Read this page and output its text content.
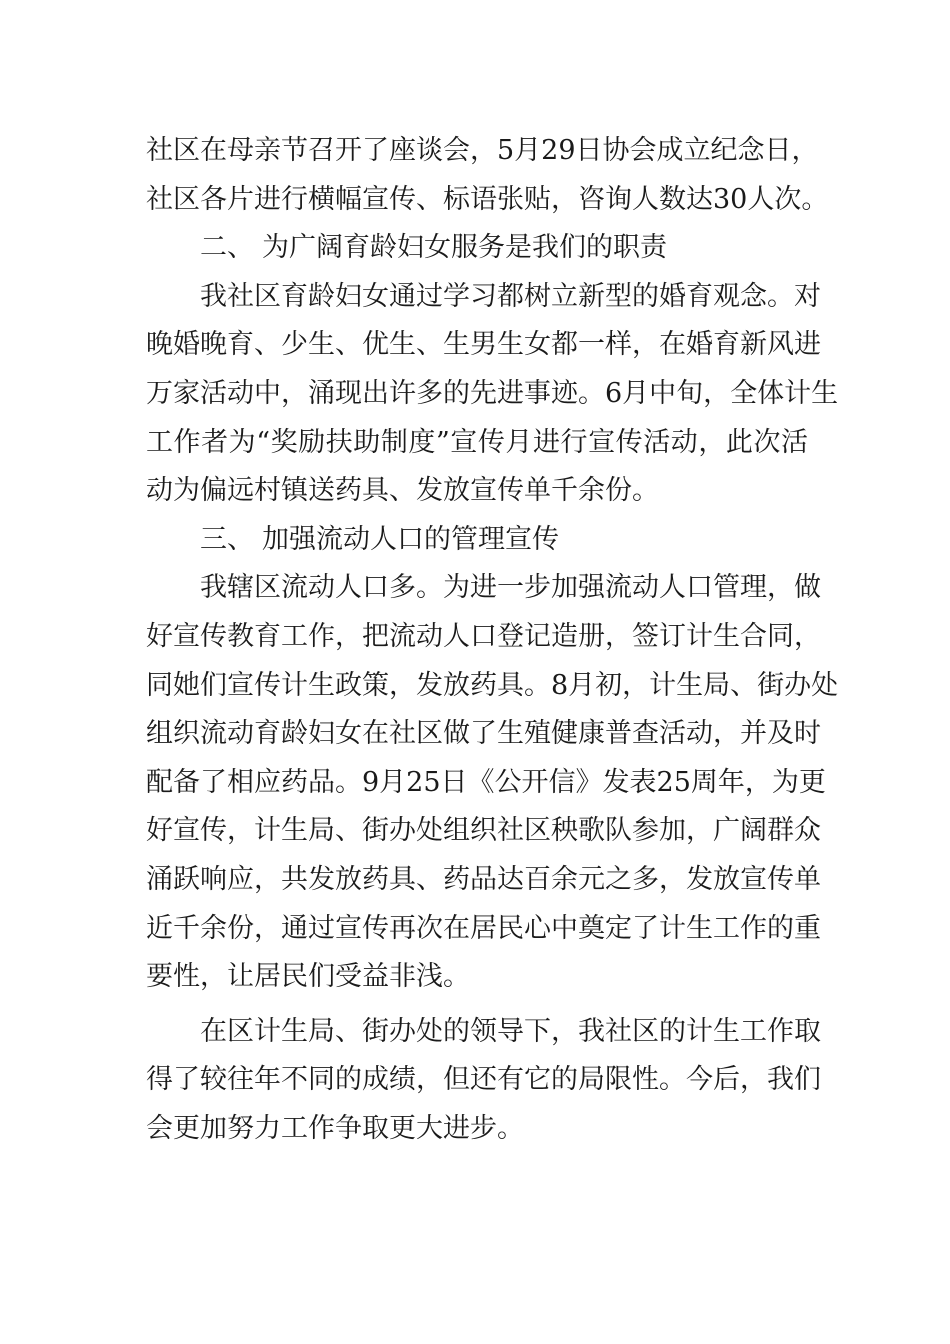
社区在母亲节召开了座谈会，5月29日协会成立纪念日，
社区各片进行横幅宣传、标语张贴，咨询人数达30人次。
二、 为广阔育龄妇女服务是我们的职责
我社区育龄妇女通过学习都树立新型的婚育观念。对
晚婚晚育、少生、优生、生男生女都一样，在婚育新风进
万家活动中，涌现出许多的先进事迹。6月中旬，全体计生
工作者为“奖励扶助制度”宣传月进行宣传活动，此次活
动为偏远村镇送药具、发放宣传单千余份。
三、 加强流动人口的管理宣传
我辖区流动人口多。为进一步加强流动人口管理，做
好宣传教育工作，把流动人口登记造册，签订计生合同，
同她们宣传计生政策，发放药具。8月初，计生局、街办处
组织流动育龄妇女在社区做了生殖健康普查活动，并及时
配备了相应药品。9月25日《公开信》发表25周年，为更
好宣传，计生局、街办处组织社区秧歌队参加，广阔群众
涌跃响应，共发放药具、药品达百余元之多，发放宣传单
近千余份，通过宣传再次在居民心中奠定了计生工作的重
要性，让居民们受益非浅。
在区计生局、街办处的领导下，我社区的计生工作取
得了较往年不同的成绩，但还有它的局限性。今后，我们
会更加努力工作争取更大进步。
